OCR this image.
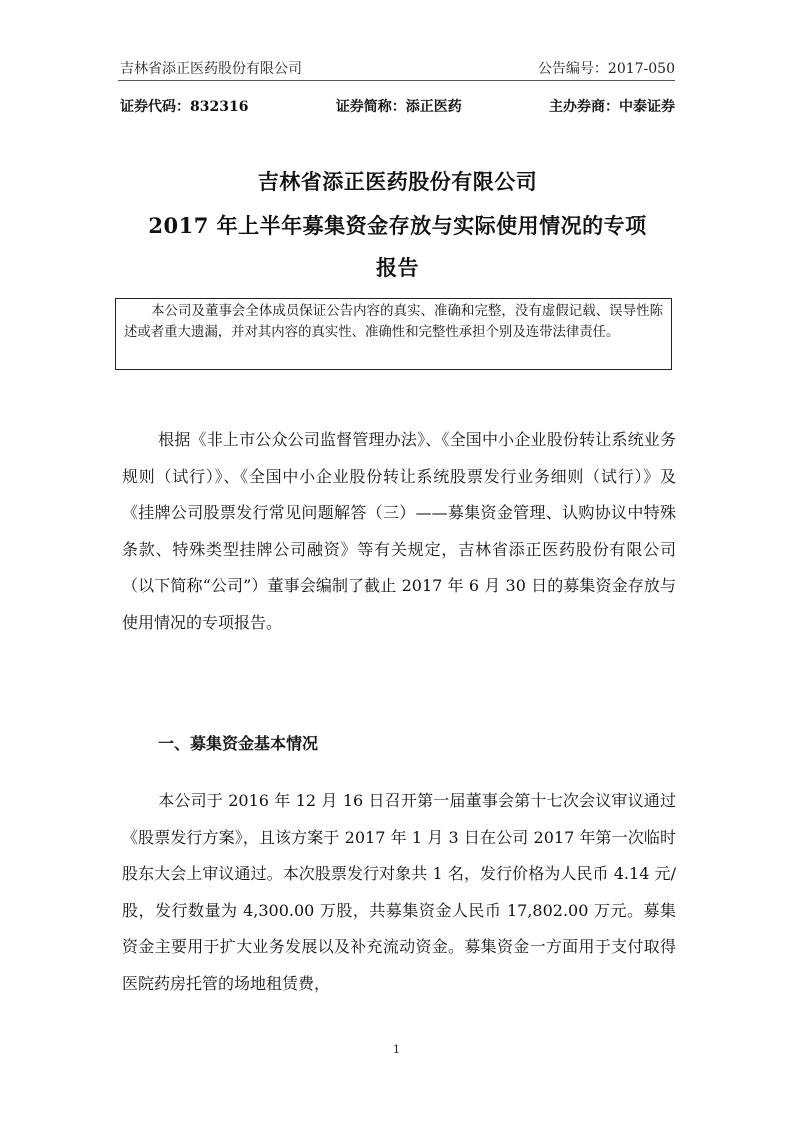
吉林省添正医药股份有限公司	公告编号：2017-050
证券代码：832316	证券简称：添正医药	主办券商：中泰证券
吉林省添正医药股份有限公司
2017 年上半年募集资金存放与实际使用情况的专项
报告
本公司及董事会全体成员保证公告内容的真实、准确和完整，没有虚假记载、误导性陈述或者重大遗漏，并对其内容的真实性、准确性和完整性承担个别及连带法律责任。
根据《非上市公众公司监督管理办法》、《全国中小企业股份转让系统业务规则（试行）》、《全国中小企业股份转让系统股票发行业务细则（试行）》及《挂牌公司股票发行常见问题解答（三）——募集资金管理、认购协议中特殊条款、特殊类型挂牌公司融资》等有关规定，吉林省添正医药股份有限公司（以下简称“公司”）董事会编制了截止 2017 年 6 月 30 日的募集资金存放与使用情况的专项报告。
一、募集资金基本情况
本公司于 2016 年 12 月 16 日召开第一届董事会第十七次会议审议通过《股票发行方案》，且该方案于 2017 年 1 月 3 日在公司 2017 年第一次临时股东大会上审议通过。本次股票发行对象共 1 名，发行价格为人民币 4.14 元/股，发行数量为 4,300.00 万股，共募集资金人民币 17,802.00 万元。募集资金主要用于扩大业务发展以及补充流动资金。募集资金一方面用于支付取得医院药房托管的场地租赁费，
1
